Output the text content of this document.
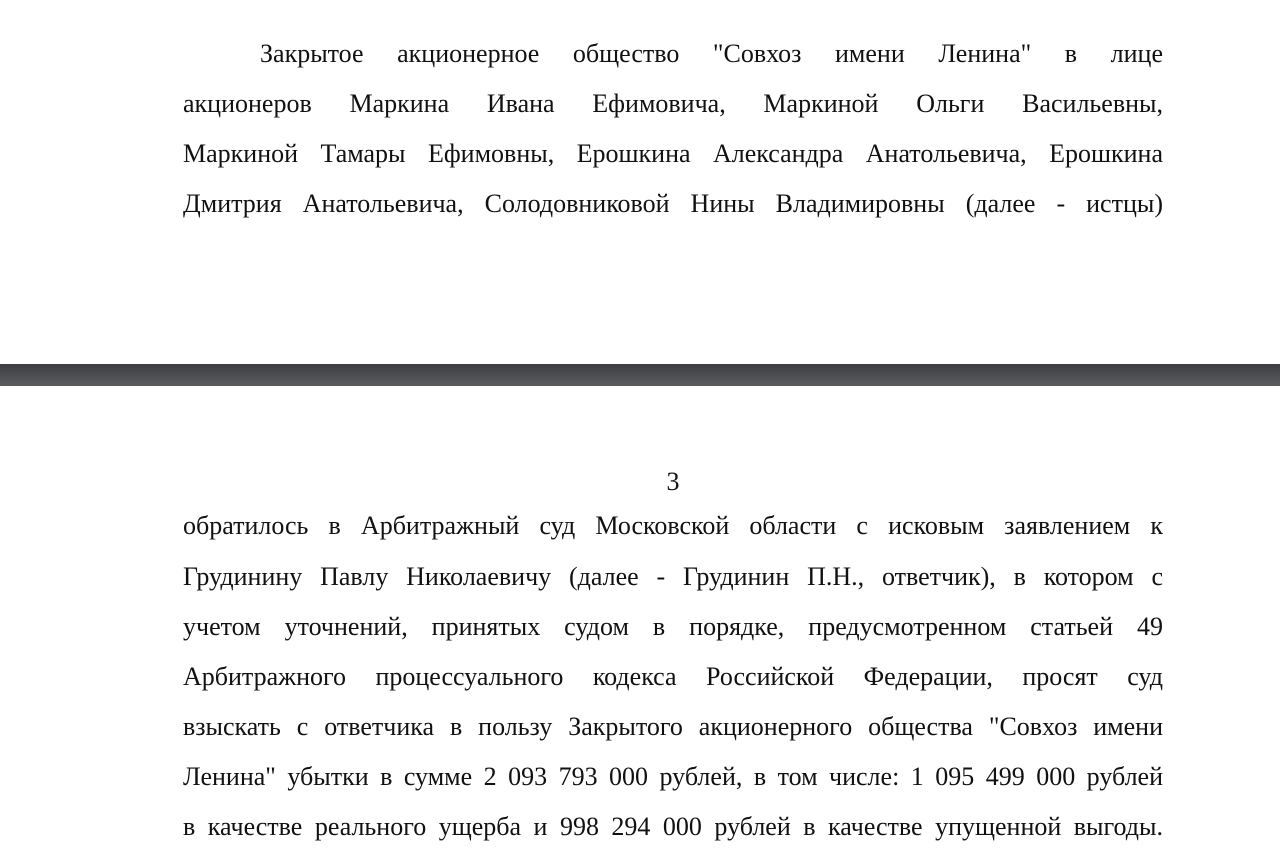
Закрытое акционерное общество "Совхоз имени Ленина" в лице
акционеров Маркина Ивана Ефимовича, Маркиной Ольги Васильевны,
Маркиной Тамары Ефимовны, Ерошкина Александра Анатольевича, Ерошкина
Дмитрия Анатольевича, Солодовниковой Нины Владимировны (далее - истцы)
3
обратилось в Арбитражный суд Московской области с исковым заявлением к
Грудинину Павлу Николаевичу (далее - Грудинин П.Н., ответчик), в котором с
учетом уточнений, принятых судом в порядке, предусмотренном статьей 49
Арбитражного процессуального кодекса Российской Федерации, просят суд
взыскать с ответчика в пользу Закрытого акционерного общества "Совхоз имени
Ленина" убытки в сумме 2 093 793 000 рублей, в том числе: 1 095 499 000 рублей
в качестве реального ущерба и 998 294 000 рублей в качестве упущенной выгоды.
